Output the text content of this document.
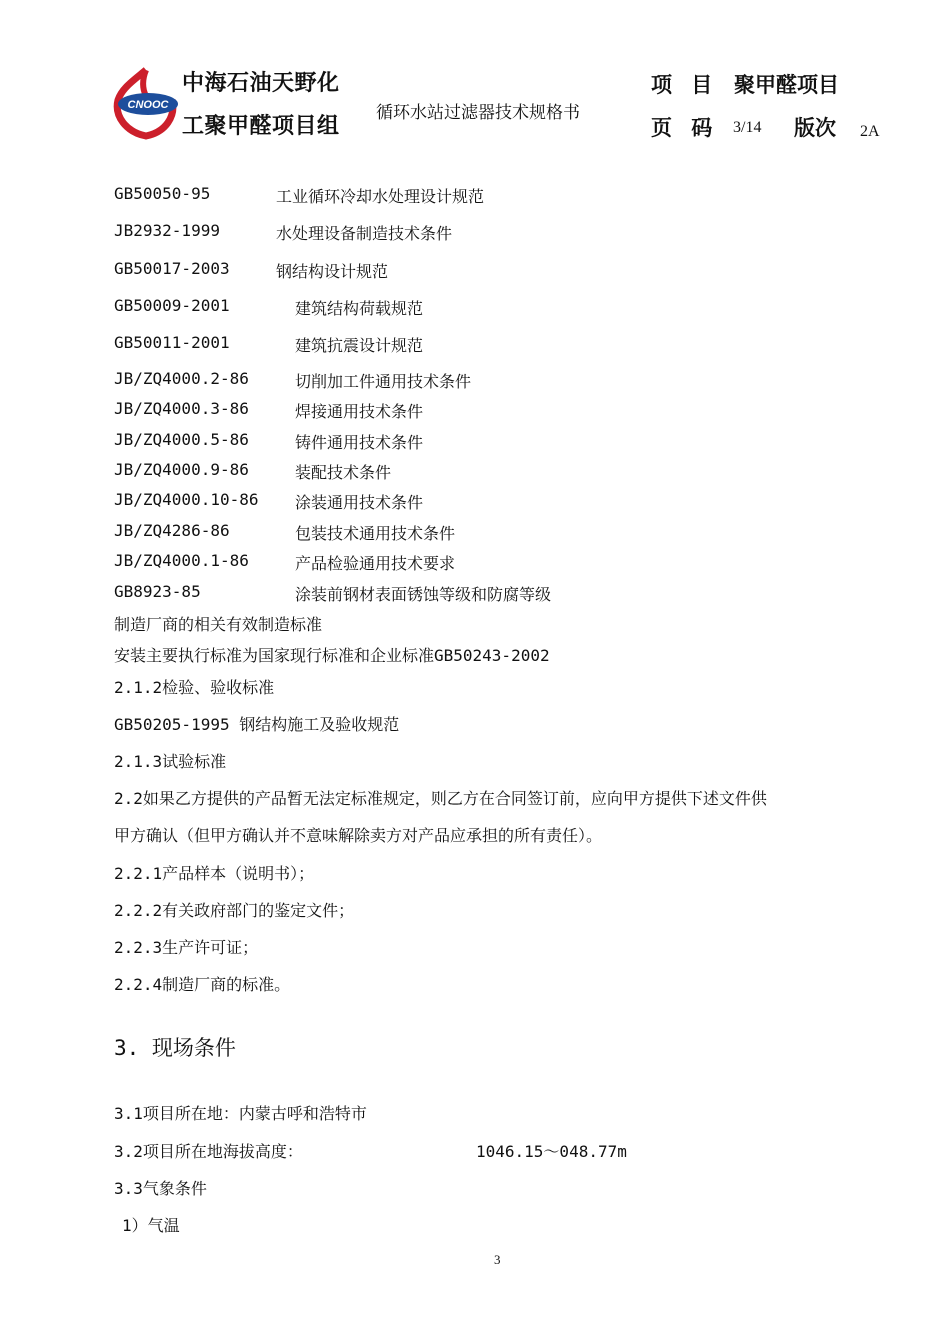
CNOOC
中海石油天野化
工聚甲醛项目组
循环水站过滤器技术规格书
项 目 聚甲醛项目
页 码 3/14 版次 2A
GB50050-95	工业循环冷却水处理设计规范
JB2932-1999	水处理设备制造技术条件
GB50017-2003	钢结构设计规范
GB50009-2001	建筑结构荷载规范
GB50011-2001	建筑抗震设计规范
JB/ZQ4000.2-86	切削加工件通用技术条件
JB/ZQ4000.3-86	焊接通用技术条件
JB/ZQ4000.5-86	铸件通用技术条件
JB/ZQ4000.9-86	装配技术条件
JB/ZQ4000.10-86 涂装通用技术条件
JB/ZQ4286-86	包装技术通用技术条件
JB/ZQ4000.1-86	产品检验通用技术要求
GB8923-85	涂装前钢材表面锈蚀等级和防腐等级
制造厂商的相关有效制造标准
安装主要执行标准为国家现行标准和企业标准GB50243-2002
2.1.2检验、验收标准
GB50205-1995 钢结构施工及验收规范
2.1.3试验标准
2.2如果乙方提供的产品暂无法定标准规定，则乙方在合同签订前，应向甲方提供下述文件供
甲方确认（但甲方确认并不意味解除卖方对产品应承担的所有责任）。
2.2.1产品样本（说明书）；
2.2.2有关政府部门的鉴定文件；
2.2.3生产许可证；
2.2.4制造厂商的标准。
3. 现场条件
3.1项目所在地：内蒙古呼和浩特市
3.2项目所在地海拔高度：	1046.15～048.77m
3.3气象条件
1）气温
3
